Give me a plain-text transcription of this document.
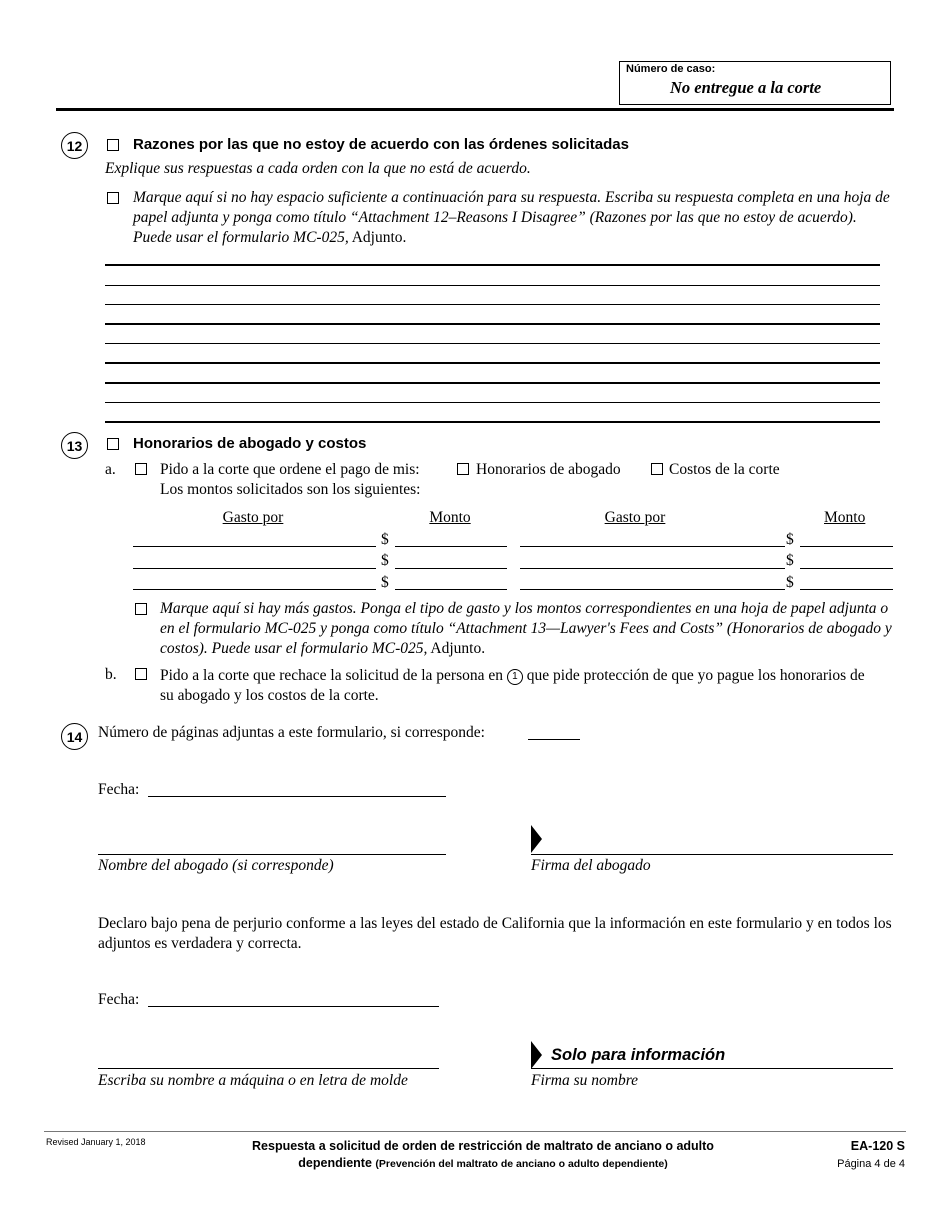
Número de caso:
No entregue a la corte
12	Razones por las que no estoy de acuerdo con las órdenes solicitadas
Explique sus respuestas a cada orden con la que no está de acuerdo.
Marque aquí si no hay espacio suficiente a continuación para su respuesta. Escriba su respuesta completa en una hoja de papel adjunta y ponga como título “Attachment 12–Reasons I Disagree” (Razones por las que no estoy de acuerdo). Puede usar el formulario MC-025, Adjunto.
13	Honorarios de abogado y costos
a.	Pido a la corte que ordene el pago de mis:	Honorarios de abogado	Costos de la corte
Los montos solicitados son los siguientes:
Gasto por	Monto	Gasto por	Monto
$	$
$	$
$	$
Marque aquí si hay más gastos. Ponga el tipo de gasto y los montos correspondientes en una hoja de papel adjunta o en el formulario MC-025 y ponga como título “Attachment 13—Lawyer's Fees and Costs” (Honorarios de abogado y costos). Puede usar el formulario MC-025, Adjunto.
b.	Pido a la corte que rechace la solicitud de la persona en 1 que pide protección de que yo pague los honorarios de su abogado y los costos de la corte.
14	Número de páginas adjuntas a este formulario, si corresponde:
Fecha:
Nombre del abogado (si corresponde)	Firma del abogado
Declaro bajo pena de perjurio conforme a las leyes del estado de California que la información en este formulario y en todos los adjuntos es verdadera y correcta.
Fecha:
Escriba su nombre a máquina o en letra de molde
Solo para información
Firma su nombre
Revised January 1, 2018	Respuesta a solicitud de orden de restricción de maltrato de anciano o adulto dependiente (Prevención del maltrato de anciano o adulto dependiente)
EA-120 S
Página 4 de 4
